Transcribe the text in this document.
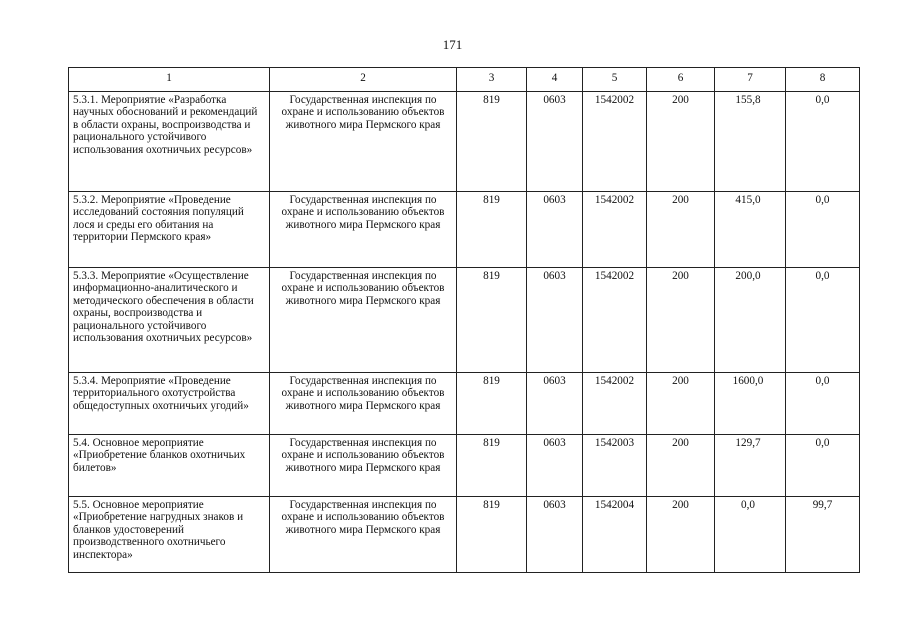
171
1	2	3	4	5	6	7	8
5.3.1. Мероприятие «Разработка научных обоснований и рекомендаций в области охраны, воспроизводства и рационального устойчивого использования охотничьих ресурсов»	Государственная инспекция по охране и использованию объектов животного мира Пермского края	819	0603	1542002	200	155,8	0,0
5.3.2. Мероприятие «Проведение исследований состояния популяций лося и среды его обитания на территории Пермского края»	Государственная инспекция по охране и использованию объектов животного мира Пермского края	819	0603	1542002	200	415,0	0,0
5.3.3. Мероприятие «Осуществление информационно-аналитического и методического обеспечения в области охраны, воспроизводства и рационального устойчивого использования охотничьих ресурсов»	Государственная инспекция по охране и использованию объектов животного мира Пермского края	819	0603	1542002	200	200,0	0,0
5.3.4. Мероприятие «Проведение территориального охотустройства общедоступных охотничьих угодий»	Государственная инспекция по охране и использованию объектов животного мира Пермского края	819	0603	1542002	200	1600,0	0,0
5.4. Основное мероприятие «Приобретение бланков охотничьих билетов»	Государственная инспекция по охране и использованию объектов животного мира Пермского края	819	0603	1542003	200	129,7	0,0
5.5. Основное мероприятие «Приобретение нагрудных знаков и бланков удостоверений производственного охотничьего инспектора»	Государственная инспекция по охране и использованию объектов животного мира Пермского края	819	0603	1542004	200	0,0	99,7
